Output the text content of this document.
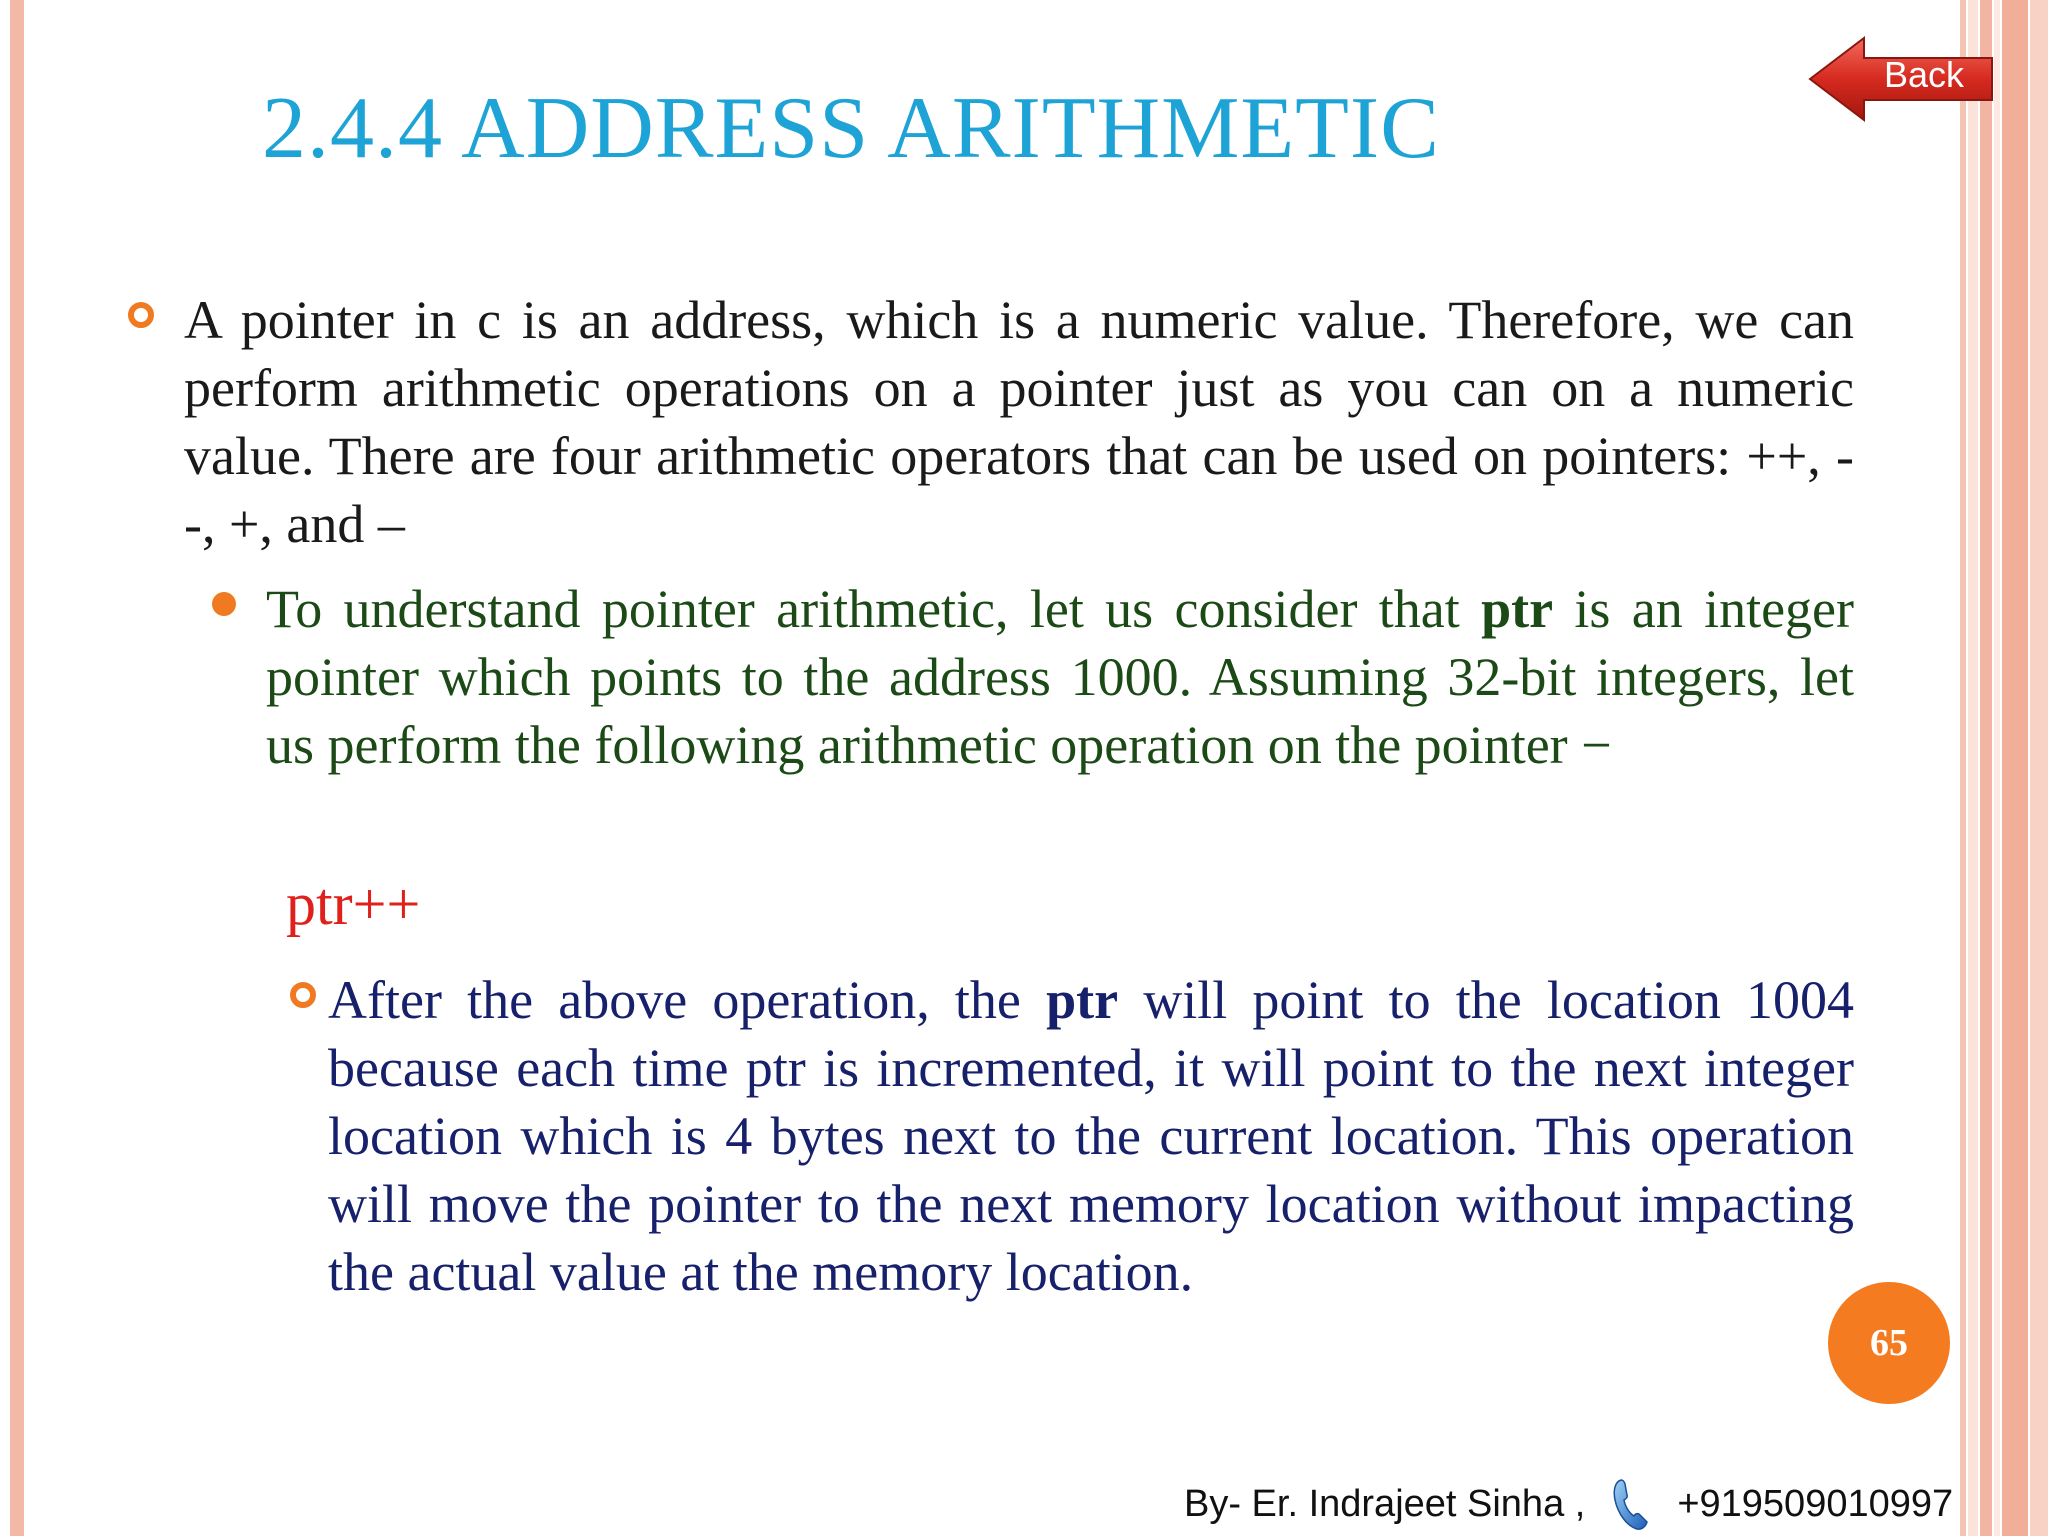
2.4.4 ADDRESS ARITHMETIC
Back

A pointer in c is an address, which is a numeric value. Therefore, we can perform arithmetic operations on a pointer just as you can on a numeric value. There are four arithmetic operators that can be used on pointers: ++, --, +, and –

To understand pointer arithmetic, let us consider that ptr is an integer pointer which points to the address 1000. Assuming 32-bit integers, let us perform the following arithmetic operation on the pointer −

ptr++

After the above operation, the ptr will point to the location 1004 because each time ptr is incremented, it will point to the next integer location which is 4 bytes next to the current location. This operation will move the pointer to the next memory location without impacting the actual value at the memory location.

65
By- Er. Indrajeet Sinha , +919509010997
